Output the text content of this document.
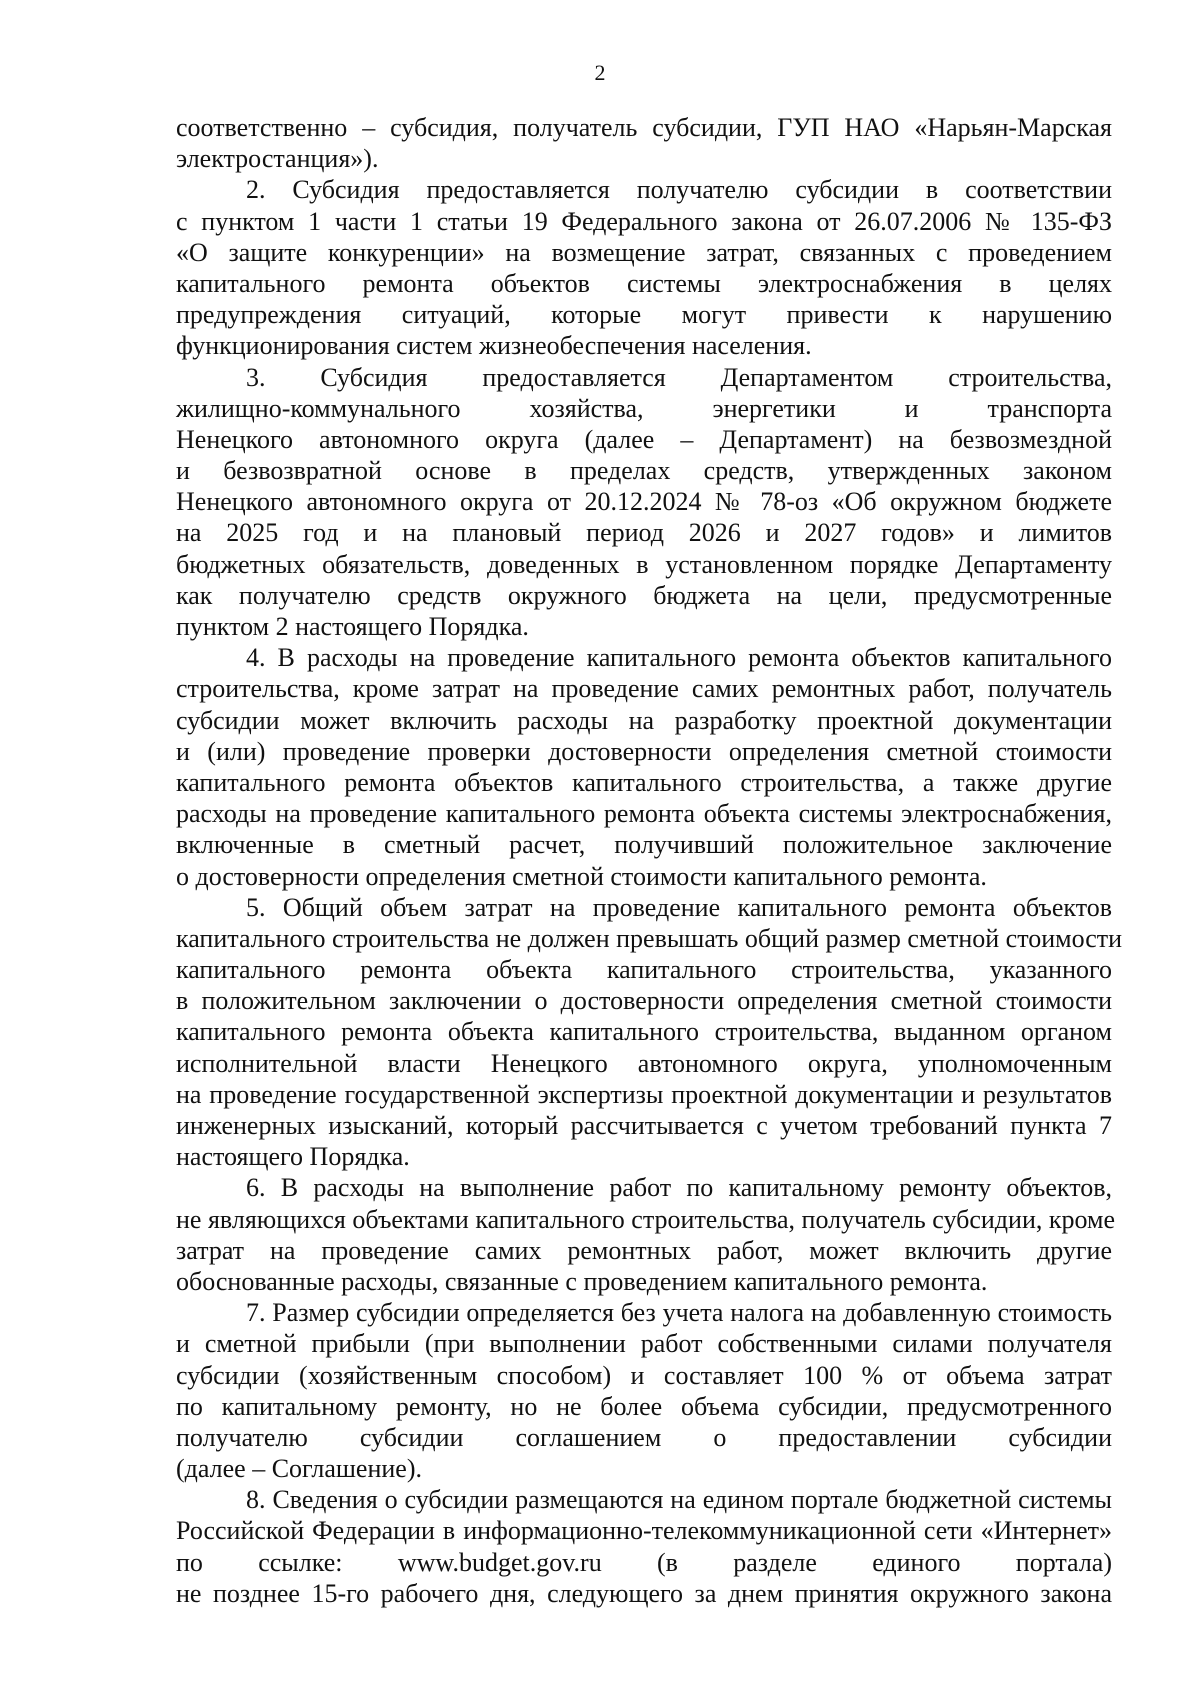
2
соответственно – субсидия, получатель субсидии, ГУП НАО «Нарьян-Марская
электростанция»).
2. Субсидия предоставляется получателю субсидии в соответствии
с пунктом 1 части 1 статьи 19 Федерального закона от 26.07.2006 № 135-ФЗ
«О защите конкуренции» на возмещение затрат, связанных с проведением
капитального ремонта объектов системы электроснабжения в целях
предупреждения ситуаций, которые могут привести к нарушению
функционирования систем жизнеобеспечения населения.
3. Субсидия предоставляется Департаментом строительства,
жилищно-коммунального хозяйства, энергетики и транспорта
Ненецкого автономного округа (далее – Департамент) на безвозмездной
и безвозвратной основе в пределах средств, утвержденных законом
Ненецкого автономного округа от 20.12.2024 № 78-оз «Об окружном бюджете
на 2025 год и на плановый период 2026 и 2027 годов» и лимитов
бюджетных обязательств, доведенных в установленном порядке Департаменту
как получателю средств окружного бюджета на цели, предусмотренные
пунктом 2 настоящего Порядка.
4. В расходы на проведение капитального ремонта объектов капитального
строительства, кроме затрат на проведение самих ремонтных работ, получатель
субсидии может включить расходы на разработку проектной документации
и (или) проведение проверки достоверности определения сметной стоимости
капитального ремонта объектов капитального строительства, а также другие
расходы на проведение капитального ремонта объекта системы электроснабжения,
включенные в сметный расчет, получивший положительное заключение
о достоверности определения сметной стоимости капитального ремонта.
5. Общий объем затрат на проведение капитального ремонта объектов
капитального строительства не должен превышать общий размер сметной стоимости
капитального ремонта объекта капитального строительства, указанного
в положительном заключении о достоверности определения сметной стоимости
капитального ремонта объекта капитального строительства, выданном органом
исполнительной власти Ненецкого автономного округа, уполномоченным
на проведение государственной экспертизы проектной документации и результатов
инженерных изысканий, который рассчитывается с учетом требований пункта 7
настоящего Порядка.
6. В расходы на выполнение работ по капитальному ремонту объектов,
не являющихся объектами капитального строительства, получатель субсидии, кроме
затрат на проведение самих ремонтных работ, может включить другие
обоснованные расходы, связанные с проведением капитального ремонта.
7. Размер субсидии определяется без учета налога на добавленную стоимость
и сметной прибыли (при выполнении работ собственными силами получателя
субсидии (хозяйственным способом) и составляет 100 % от объема затрат
по капитальному ремонту, но не более объема субсидии, предусмотренного
получателю субсидии соглашением о предоставлении субсидии
(далее – Соглашение).
8. Сведения о субсидии размещаются на едином портале бюджетной системы
Российской Федерации в информационно-телекоммуникационной сети «Интернет»
по ссылке: www.budget.gov.ru (в разделе единого портала)
не позднее 15-го рабочего дня, следующего за днем принятия окружного закона
